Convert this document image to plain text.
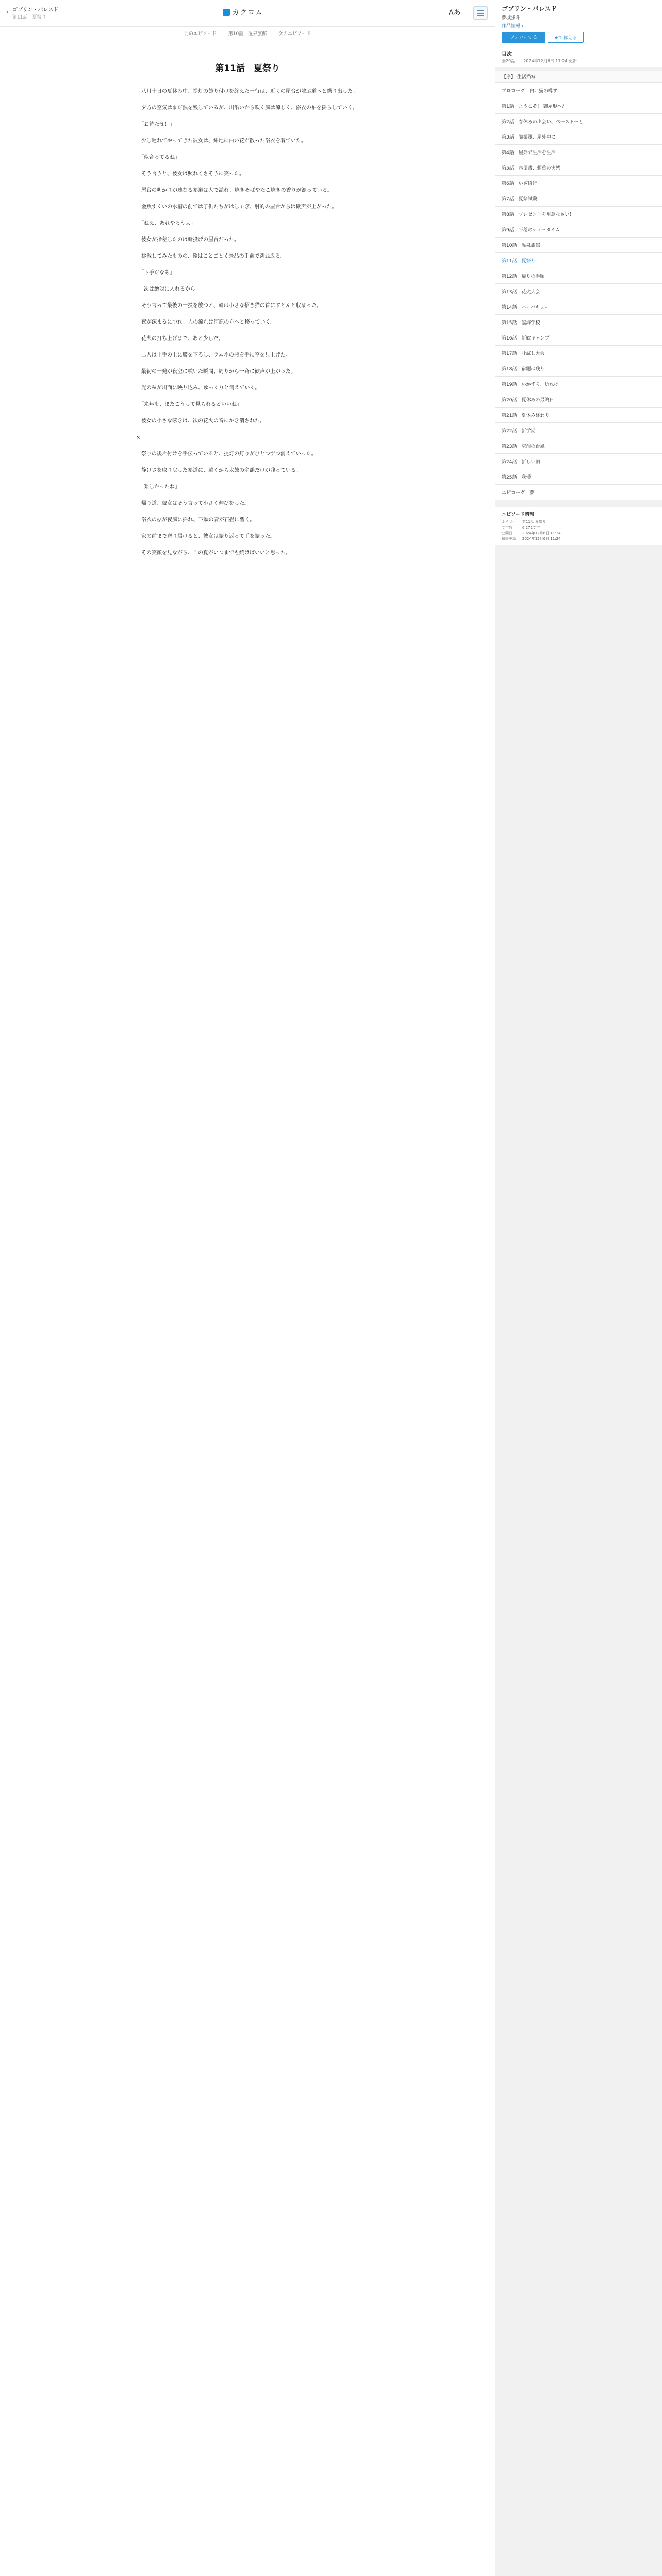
‹ ゴブリン・パレスド
第11話　夏祭り
カクヨム	Aあ
前のエピソード	第10話　温泉旅館	次のエピソード
第11話　夏祭り

　八月十日の夏休み中、提灯の飾り付けを終えた一行は、近くの屋台が並ぶ道へと繰り出した。

　夕方の空気はまだ熱を残しているが、川沿いから吹く風は涼しく、浴衣の袖を揺らしていく。

　「お待たせ！」

　少し遅れてやってきた彼女は、紺地に白い花が散った浴衣を着ていた。

　「似合ってるね」

　そう言うと、彼女は照れくさそうに笑った。

　屋台の明かりが連なる参道は人で溢れ、焼きそばやたこ焼きの香りが漂っている。

　金魚すくいの水槽の前では子供たちがはしゃぎ、射的の屋台からは歓声が上がった。

　「ねえ、あれやろうよ」

　彼女が指差したのは輪投げの屋台だった。

　挑戦してみたものの、輪はことごとく景品の手前で跳ね返る。

　「下手だなあ」

　「次は絶対に入れるから」

　そう言って最後の一投を放つと、輪は小さな招き猫の首にすとんと収まった。

　夜が深まるにつれ、人の流れは河原の方へと移っていく。

　花火の打ち上げまで、あと少しだ。

　二人は土手の上に腰を下ろし、ラムネの瓶を手に空を見上げた。

　最初の一発が夜空に咲いた瞬間、周りから一斉に歓声が上がった。

　光の粒が川面に映り込み、ゆっくりと消えていく。

　「来年も、またこうして見られるといいね」

　彼女の小さな呟きは、次の花火の音にかき消された。

×

　祭りの後片付けを手伝っていると、提灯の灯りがひとつずつ消えていった。

　静けさを取り戻した参道に、遠くから太鼓の余韻だけが残っている。

　「楽しかったね」

　帰り道、彼女はそう言って小さく伸びをした。

　浴衣の裾が夜風に揺れ、下駄の音が石畳に響く。

　家の前まで送り届けると、彼女は振り返って手を振った。

　その笑顔を見ながら、この夏がいつまでも続けばいいと思った。

ゴブリン・パレスド
夢城蛍斗
作品情報 ›
フォローする	★で称える
目次
全29話 2024年12月6日 11:24 更新
【序】 生活描写
プロローグ　白い猫の噂す
第1話　ようこそ！ 御屋形へ？
第2話　春休みの出会い、ペーストーと
第3話　職業軍、屋外中に
第4話　屋外で生活を生活
第5話　志望書、頼重の実態
第6話　いざ修行
第7話　夏祭試験
第8話　プレゼントを用意なさい！
第9話　平穏のティータイム
第10話　温泉旅館
第11話　夏祭り
第12話　帰りの手順
第13話　花火大会
第14話　バーベキュー
第15話　臨海学校
第16話　新歓キャンプ
第17話　肝試し大会
第18話　宿題は残り
第19話　いかずち、近れは
第20話　夏休みの最終日
第21話　夏休み終わり
第22話　新学期
第23話　空前の台風
第24話　新しい朝
第25話　我慢
エピローグ　夢
エピソード情報
ホイ ル	第11話 夏祭り
文字数	6,272文字
公開日	2024年12月6日 11:24
最終更新	2024年12月6日 11:24
